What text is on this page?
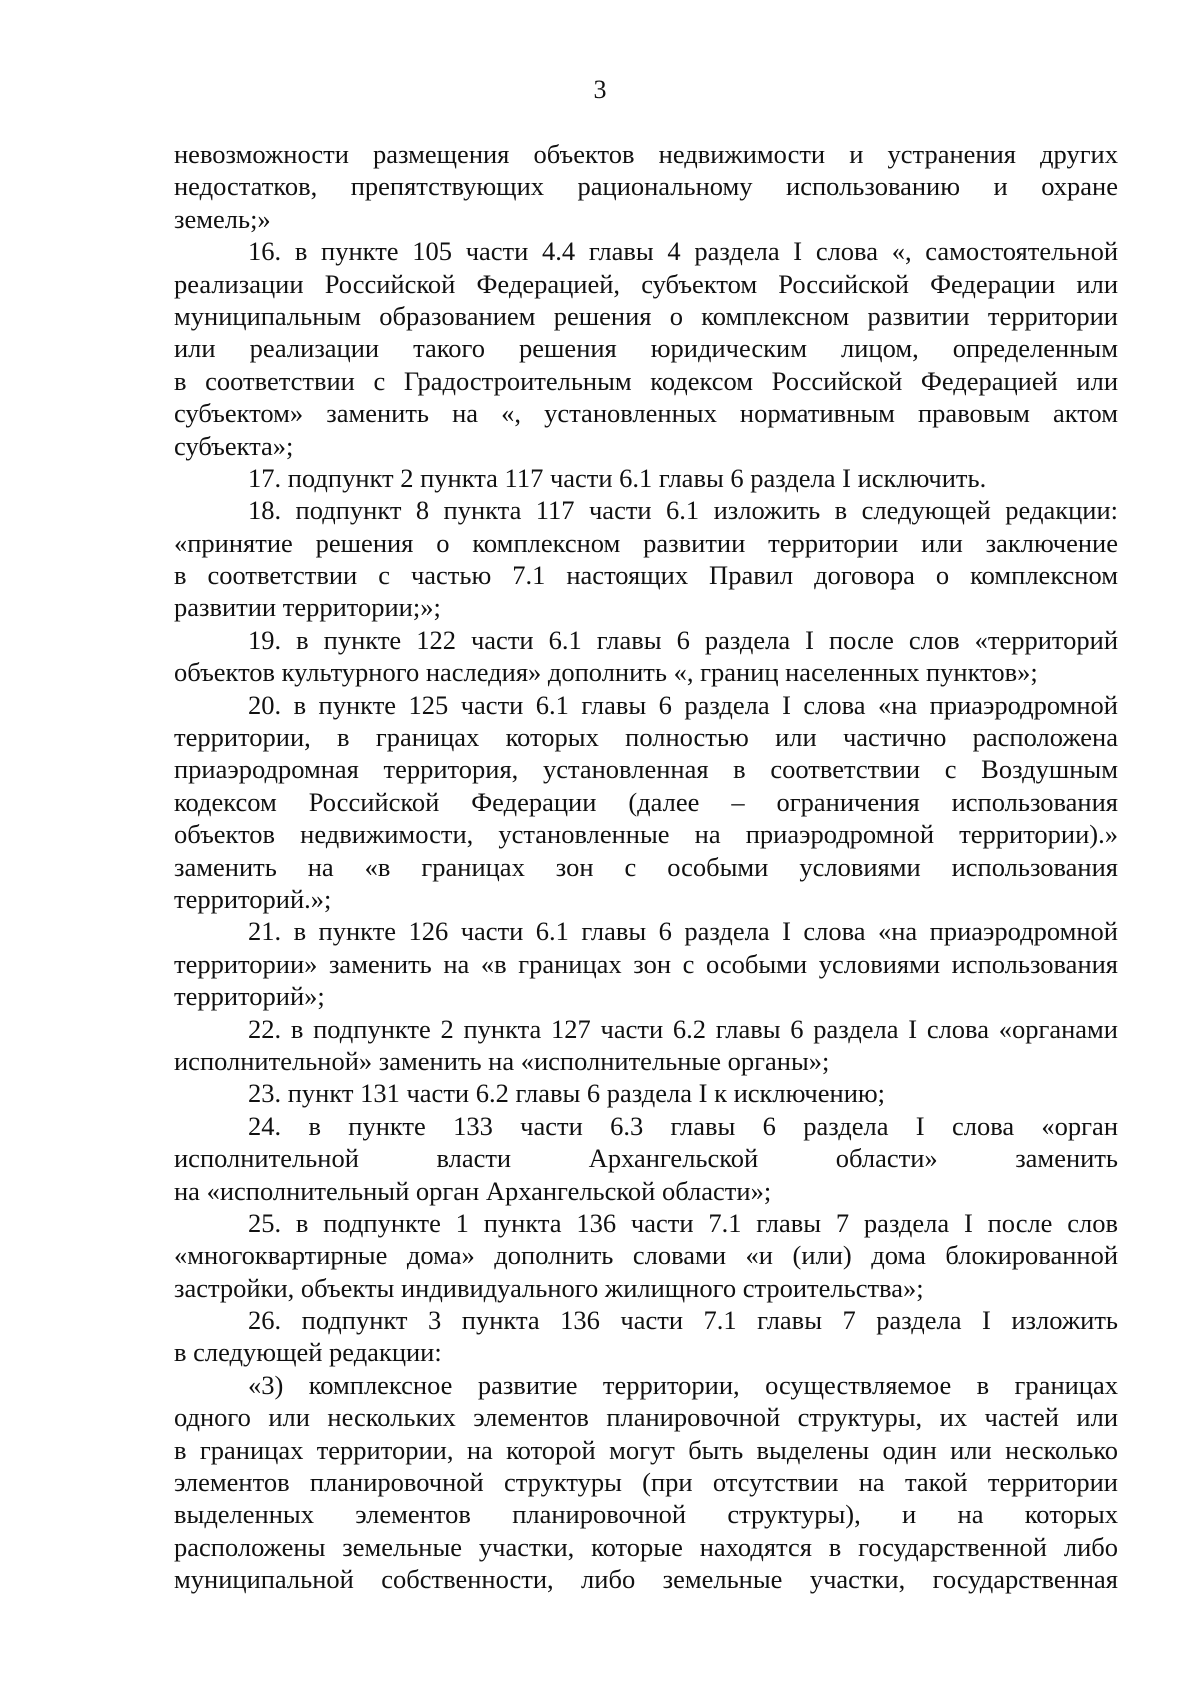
3
невозможности размещения объектов недвижимости и устранения других
недостатков, препятствующих рациональному использованию и охране
земель;»
16. в пункте 105 части 4.4 главы 4 раздела I слова «, самостоятельной
реализации Российской Федерацией, субъектом Российской Федерации или
муниципальным образованием решения о комплексном развитии территории
или реализации такого решения юридическим лицом, определенным
в соответствии с Градостроительным кодексом Российской Федерацией или
субъектом» заменить на «, установленных нормативным правовым актом
субъекта»;
17. подпункт 2 пункта 117 части 6.1 главы 6 раздела I исключить.
18. подпункт 8 пункта 117 части 6.1 изложить в следующей редакции:
«принятие решения о комплексном развитии территории или заключение
в соответствии с частью 7.1 настоящих Правил договора о комплексном
развитии территории;»;
19. в пункте 122 части 6.1 главы 6 раздела I после слов «территорий
объектов культурного наследия» дополнить «, границ населенных пунктов»;
20. в пункте 125 части 6.1 главы 6 раздела I слова «на приаэродромной
территории, в границах которых полностью или частично расположена
приаэродромная территория, установленная в соответствии с Воздушным
кодексом Российской Федерации (далее – ограничения использования
объектов недвижимости, установленные на приаэродромной территории).»
заменить на «в границах зон с особыми условиями использования
территорий.»;
21. в пункте 126 части 6.1 главы 6 раздела I слова «на приаэродромной
территории» заменить на «в границах зон с особыми условиями использования
территорий»;
22. в подпункте 2 пункта 127 части 6.2 главы 6 раздела I слова «органами
исполнительной» заменить на «исполнительные органы»;
23. пункт 131 части 6.2 главы 6 раздела I к исключению;
24. в пункте 133 части 6.3 главы 6 раздела I слова «орган
исполнительной власти Архангельской области» заменить
на «исполнительный орган Архангельской области»;
25. в подпункте 1 пункта 136 части 7.1 главы 7 раздела I после слов
«многоквартирные дома» дополнить словами «и (или) дома блокированной
застройки, объекты индивидуального жилищного строительства»;
26. подпункт 3 пункта 136 части 7.1 главы 7 раздела I изложить
в следующей редакции:
«3) комплексное развитие территории, осуществляемое в границах
одного или нескольких элементов планировочной структуры, их частей или
в границах территории, на которой могут быть выделены один или несколько
элементов планировочной структуры (при отсутствии на такой территории
выделенных элементов планировочной структуры), и на которых
расположены земельные участки, которые находятся в государственной либо
муниципальной собственности, либо земельные участки, государственная
